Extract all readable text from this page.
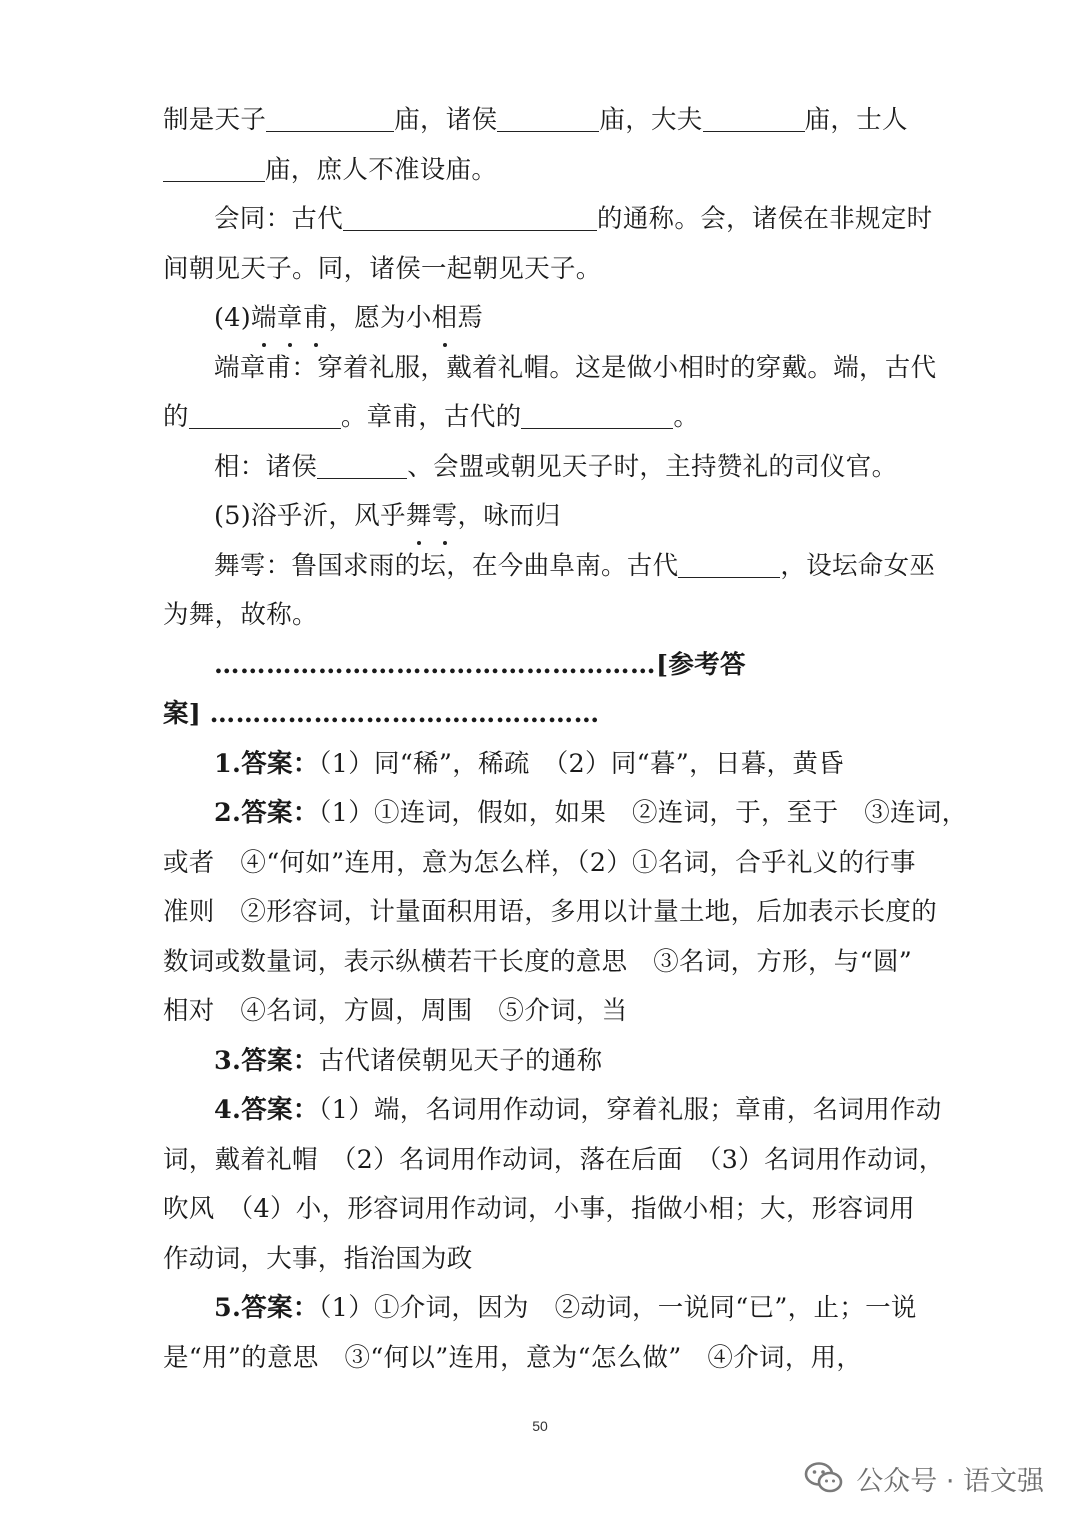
制是天子	庙，诸侯	庙，大夫	庙，士人
庙，庶人不准设庙。
会同：古代	的通称。会，诸侯在非规定时
间朝见天子。同，诸侯一起朝见天子。
(4)端章甫，愿为小相焉
端章甫：穿着礼服，戴着礼帽。这是做小相时的穿戴。端，古代
的	。章甫，古代的	。
相：诸侯	、会盟或朝见天子时，主持赞礼的司仪官。
(5)浴乎沂，风乎舞雩，咏而归
舞雩：鲁国求雨的坛，在今曲阜南。古代	，设坛命女巫
为舞，故称。
……………………………………………[参考答
案] ………………………………………
1.答案：（1）同“稀”，稀疏　（2）同“暮”，日暮，黄昏
2.答案：（1）①连词，假如，如果　②连词，于，至于　③连词，
或者　④“何如”连用，意为怎么样，（2）①名词，合乎礼义的行事
准则　②形容词，计量面积用语，多用以计量土地，后加表示长度的
数词或数量词，表示纵横若干长度的意思　③名词，方形，与“圆”
相对　④名词，方圆，周围　⑤介词，当
3.答案：古代诸侯朝见天子的通称
4.答案：（1）端，名词用作动词，穿着礼服；章甫，名词用作动
词，戴着礼帽　（2）名词用作动词，落在后面　（3）名词用作动词，
吹风　（4）小，形容词用作动词，小事，指做小相；大，形容词用
作动词，大事，指治国为政
5.答案：（1）①介词，因为　②动词，一说同“已”，止；一说
是“用”的意思　③“何以”连用，意为“怎么做”　④介词，用，
50
公众号 · 语文强
